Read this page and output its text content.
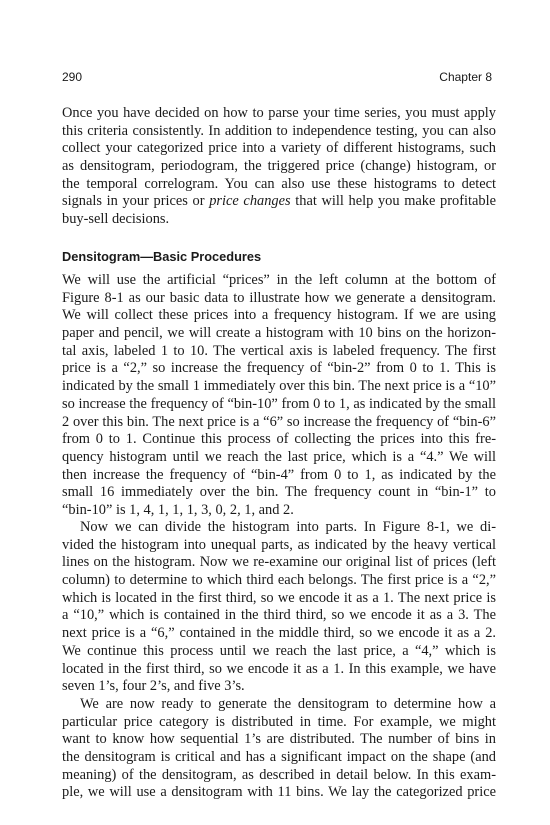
290	Chapter 8
Once you have decided on how to parse your time series, you must apply
this criteria consistently. In addition to independence testing, you can also
collect your categorized price into a variety of different histograms, such
as densitogram, periodogram, the triggered price (change) histogram, or
the temporal correlogram. You can also use these histograms to detect
signals in your prices or price changes that will help you make profitable
buy-sell decisions.
Densitogram—Basic Procedures
We will use the artificial “prices” in the left column at the bottom of
Figure 8-1 as our basic data to illustrate how we generate a densitogram.
We will collect these prices into a frequency histogram. If we are using
paper and pencil, we will create a histogram with 10 bins on the horizon-
tal axis, labeled 1 to 10. The vertical axis is labeled frequency. The first
price is a “2,” so increase the frequency of “bin-2” from 0 to 1. This is
indicated by the small 1 immediately over this bin. The next price is a “10”
so increase the frequency of “bin-10” from 0 to 1, as indicated by the small
2 over this bin. The next price is a “6” so increase the frequency of “bin-6”
from 0 to 1. Continue this process of collecting the prices into this fre-
quency histogram until we reach the last price, which is a “4.” We will
then increase the frequency of “bin-4” from 0 to 1, as indicated by the
small 16 immediately over the bin. The frequency count in “bin-1” to
“bin-10” is 1, 4, 1, 1, 1, 3, 0, 2, 1, and 2.
Now we can divide the histogram into parts. In Figure 8-1, we di-
vided the histogram into unequal parts, as indicated by the heavy vertical
lines on the histogram. Now we re-examine our original list of prices (left
column) to determine to which third each belongs. The first price is a “2,”
which is located in the first third, so we encode it as a 1. The next price is
a “10,” which is contained in the third third, so we encode it as a 3. The
next price is a “6,” contained in the middle third, so we encode it as a 2.
We continue this process until we reach the last price, a “4,” which is
located in the first third, so we encode it as a 1. In this example, we have
seven 1’s, four 2’s, and five 3’s.
We are now ready to generate the densitogram to determine how a
particular price category is distributed in time. For example, we might
want to know how sequential 1’s are distributed. The number of bins in
the densitogram is critical and has a significant impact on the shape (and
meaning) of the densitogram, as described in detail below. In this exam-
ple, we will use a densitogram with 11 bins. We lay the categorized price
